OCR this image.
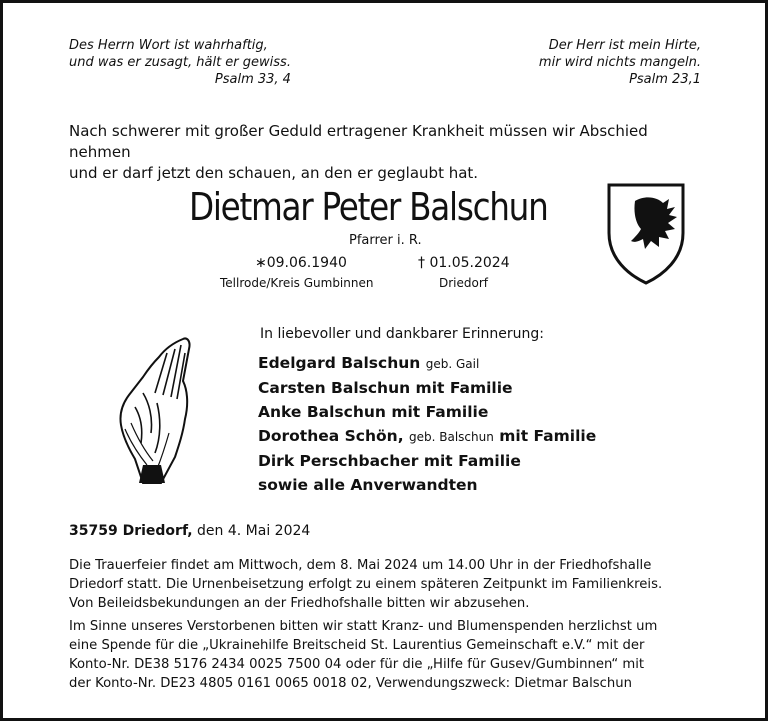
Des Herrn Wort ist wahrhaftig,
und was er zusagt, hält er gewiss.
Psalm 33, 4
Der Herr ist mein Hirte,
mir wird nichts mangeln.
Psalm 23,1
Nach schwerer mit großer Geduld ertragener Krankheit müssen wir Abschied nehmen
und er darf jetzt den schauen, an den er geglaubt hat.
Dietmar Peter Balschun
Pfarrer i. R.
∗09.06.1940	† 01.05.2024
Tellrode/Kreis Gumbinnen	Driedorf
In liebevoller und dankbarer Erinnerung:
Edelgard Balschun geb. Gail
Carsten Balschun mit Familie
Anke Balschun mit Familie
Dorothea Schön, geb. Balschun mit Familie
Dirk Perschbacher mit Familie
sowie alle Anverwandten
35759 Driedorf, den 4. Mai 2024
Die Trauerfeier findet am Mittwoch, dem 8. Mai 2024 um 14.00 Uhr in der Friedhofshalle
Driedorf statt. Die Urnenbeisetzung erfolgt zu einem späteren Zeitpunkt im Familienkreis.
Von Beileidsbekundungen an der Friedhofshalle bitten wir abzusehen.
Im Sinne unseres Verstorbenen bitten wir statt Kranz- und Blumenspenden herzlichst um
eine Spende für die „Ukrainehilfe Breitscheid St. Laurentius Gemeinschaft e.V.“ mit der
Konto-Nr. DE38 5176 2434 0025 7500 04 oder für die „Hilfe für Gusev/Gumbinnen“ mit
der Konto-Nr. DE23 4805 0161 0065 0018 02, Verwendungszweck: Dietmar Balschun
